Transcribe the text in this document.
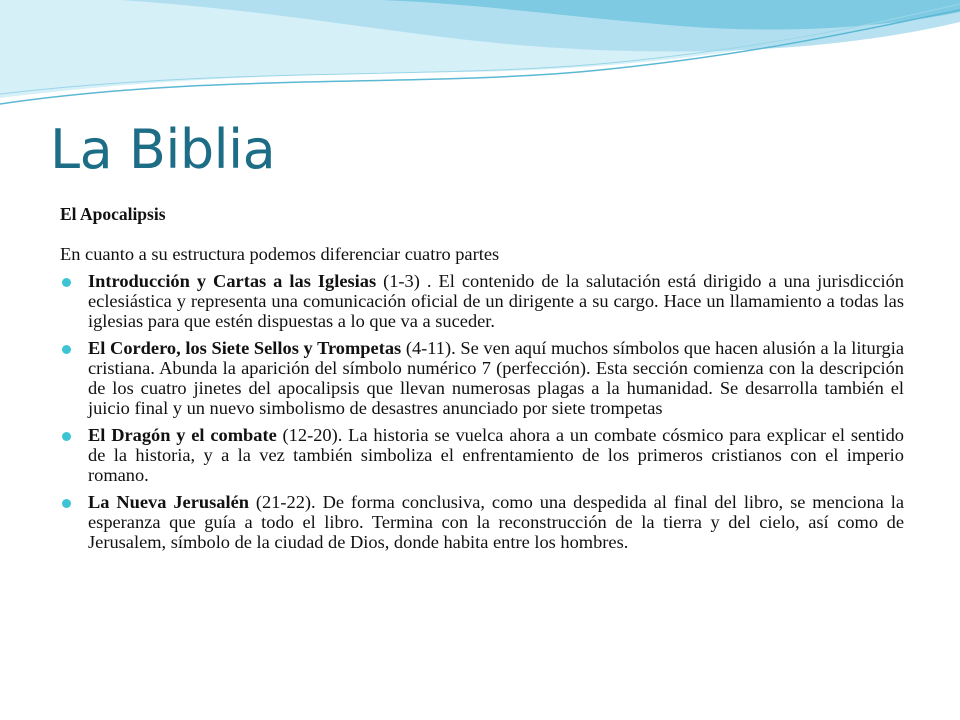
La Biblia

El Apocalipsis

En cuanto a su estructura podemos diferenciar cuatro partes

Introducción y Cartas a las Iglesias (1-3) . El contenido de la salutación está dirigido a una jurisdicción eclesiástica y representa una comunicación oficial de un dirigente a su cargo. Hace un llamamiento a todas las iglesias para que estén dispuestas a lo que va a suceder.
El Cordero, los Siete Sellos y Trompetas (4-11). Se ven aquí muchos símbolos que hacen alusión a la liturgia cristiana. Abunda la aparición del símbolo numérico 7 (perfección). Esta sección comienza con la descripción de los cuatro jinetes del apocalipsis que llevan numerosas plagas a la humanidad. Se desarrolla también el juicio final y un nuevo simbolismo de desastres anunciado por siete trompetas
El Dragón y el combate (12-20). La historia se vuelca ahora a un combate cósmico para explicar el sentido de la historia, y a la vez también simboliza el enfrentamiento de los primeros cristianos con el imperio romano.
La Nueva Jerusalén (21-22). De forma conclusiva, como una despedida al final del libro, se menciona la esperanza que guía a todo el libro. Termina con la reconstrucción de la tierra y del cielo, así como de Jerusalem, símbolo de la ciudad de Dios, donde habita entre los hombres.
